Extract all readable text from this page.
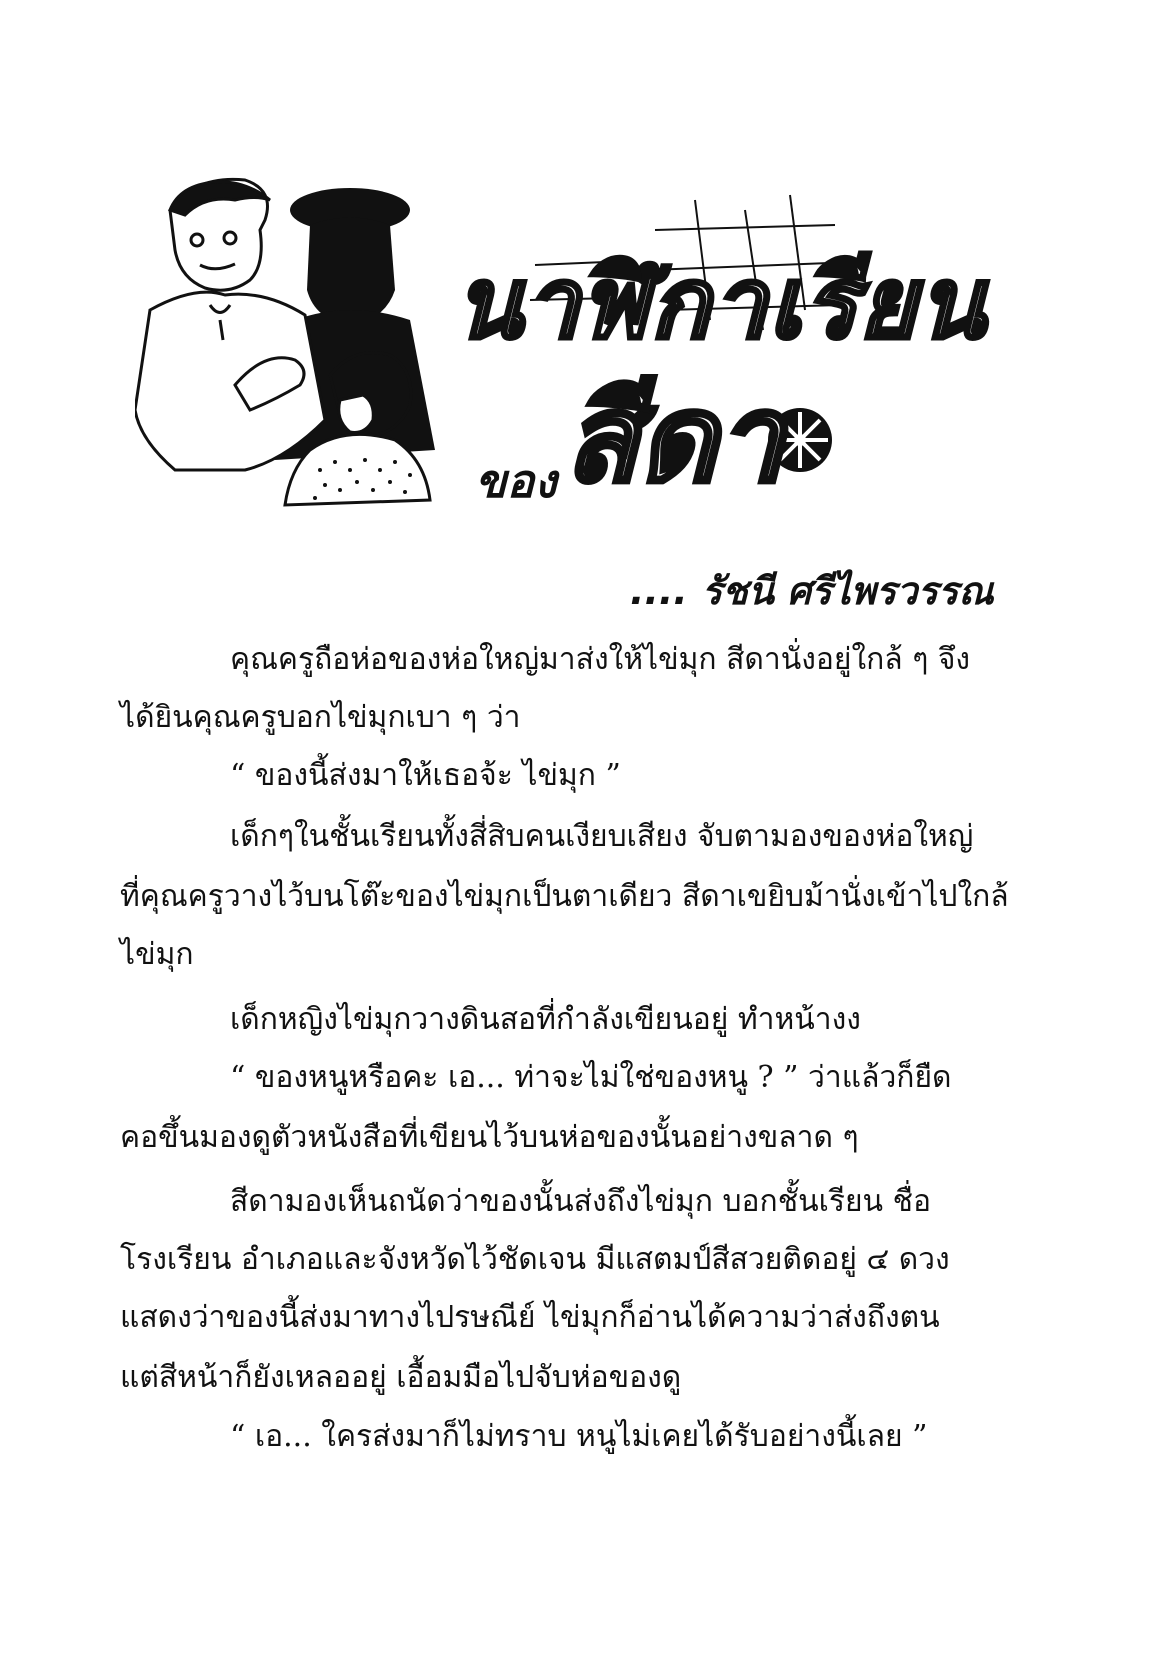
นาฬิกาเรียน
ของ สีดา
.... รัชนี ศรีไพรวรรณ
คุณครูถือห่อของห่อใหญ่มาส่งให้ไข่มุก สีดานั่งอยู่ใกล้ ๆ จึง
ได้ยินคุณครูบอกไข่มุกเบา ๆ ว่า
“ ของนี้ส่งมาให้เธอจ้ะ ไข่มุก ”
เด็กๆในชั้นเรียนทั้งสี่สิบคนเงียบเสียง จับตามองของห่อใหญ่
ที่คุณครูวางไว้บนโต๊ะของไข่มุกเป็นตาเดียว สีดาเขยิบม้านั่งเข้าไปใกล้
ไข่มุก
เด็กหญิงไข่มุกวางดินสอที่กำลังเขียนอยู่ ทำหน้างง
“ ของหนูหรือคะ เอ... ท่าจะไม่ใช่ของหนู ? ” ว่าแล้วก็ยืด
คอขึ้นมองดูตัวหนังสือที่เขียนไว้บนห่อของนั้นอย่างขลาด ๆ
สีดามองเห็นถนัดว่าของนั้นส่งถึงไข่มุก บอกชั้นเรียน ชื่อ
โรงเรียน อำเภอและจังหวัดไว้ชัดเจน มีแสตมป์สีสวยติดอยู่ ๔ ดวง
แสดงว่าของนี้ส่งมาทางไปรษณีย์ ไข่มุกก็อ่านได้ความว่าส่งถึงตน
แต่สีหน้าก็ยังเหลออยู่ เอื้อมมือไปจับห่อของดู
“ เอ... ใครส่งมาก็ไม่ทราบ หนูไม่เคยได้รับอย่างนี้เลย ”
